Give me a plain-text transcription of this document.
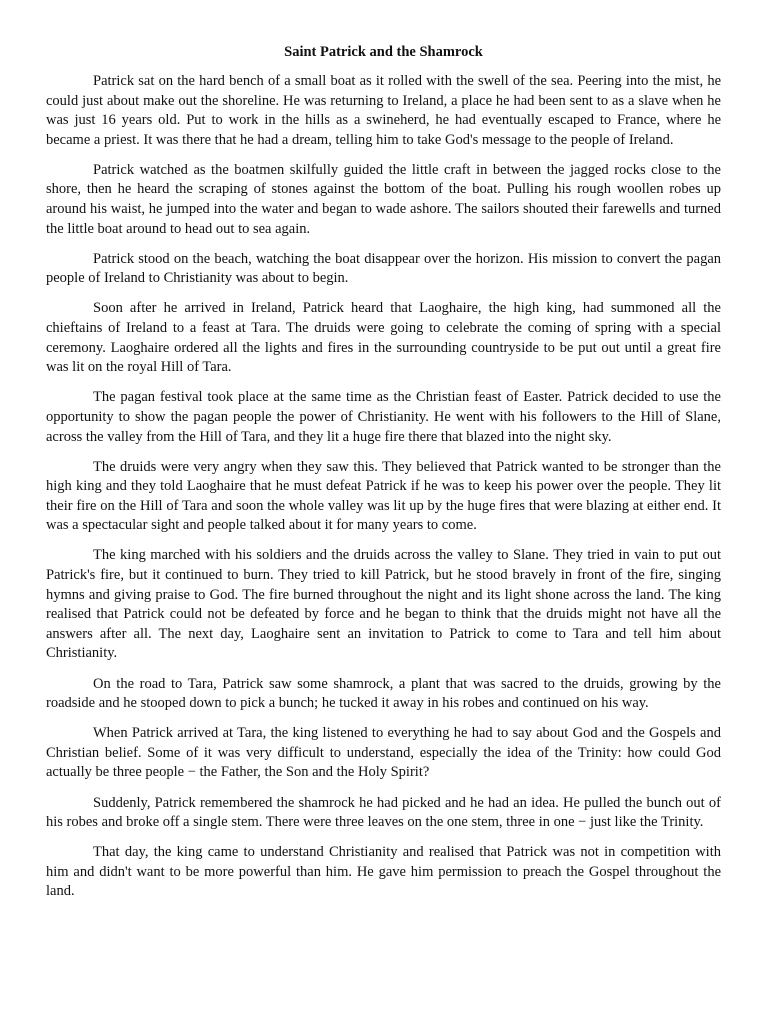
Saint Patrick and the Shamrock

Patrick sat on the hard bench of a small boat as it rolled with the swell of the sea. Peering into the mist, he could just about make out the shoreline. He was returning to Ireland, a place he had been sent to as a slave when he was just 16 years old. Put to work in the hills as a swineherd, he had eventually escaped to France, where he became a priest. It was there that he had a dream, telling him to take God's message to the people of Ireland.

Patrick watched as the boatmen skilfully guided the little craft in between the jagged rocks close to the shore, then he heard the scraping of stones against the bottom of the boat. Pulling his rough woollen robes up around his waist, he jumped into the water and began to wade ashore. The sailors shouted their farewells and turned the little boat around to head out to sea again.

Patrick stood on the beach, watching the boat disappear over the horizon. His mission to convert the pagan people of Ireland to Christianity was about to begin.

Soon after he arrived in Ireland, Patrick heard that Laoghaire, the high king, had summoned all the chieftains of Ireland to a feast at Tara. The druids were going to celebrate the coming of spring with a special ceremony. Laoghaire ordered all the lights and fires in the surrounding countryside to be put out until a great fire was lit on the royal Hill of Tara.

The pagan festival took place at the same time as the Christian feast of Easter. Patrick decided to use the opportunity to show the pagan people the power of Christianity. He went with his followers to the Hill of Slane, across the valley from the Hill of Tara, and they lit a huge fire there that blazed into the night sky.

The druids were very angry when they saw this. They believed that Patrick wanted to be stronger than the high king and they told Laoghaire that he must defeat Patrick if he was to keep his power over the people. They lit their fire on the Hill of Tara and soon the whole valley was lit up by the huge fires that were blazing at either end. It was a spectacular sight and people talked about it for many years to come.

The king marched with his soldiers and the druids across the valley to Slane. They tried in vain to put out Patrick's fire, but it continued to burn. They tried to kill Patrick, but he stood bravely in front of the fire, singing hymns and giving praise to God. The fire burned throughout the night and its light shone across the land. The king realised that Patrick could not be defeated by force and he began to think that the druids might not have all the answers after all. The next day, Laoghaire sent an invitation to Patrick to come to Tara and tell him about Christianity.

On the road to Tara, Patrick saw some shamrock, a plant that was sacred to the druids, growing by the roadside and he stooped down to pick a bunch; he tucked it away in his robes and continued on his way.

When Patrick arrived at Tara, the king listened to everything he had to say about God and the Gospels and Christian belief. Some of it was very difficult to understand, especially the idea of the Trinity: how could God actually be three people − the Father, the Son and the Holy Spirit?

Suddenly, Patrick remembered the shamrock he had picked and he had an idea. He pulled the bunch out of his robes and broke off a single stem. There were three leaves on the one stem, three in one − just like the Trinity.

That day, the king came to understand Christianity and realised that Patrick was not in competition with him and didn't want to be more powerful than him. He gave him permission to preach the Gospel throughout the land.
